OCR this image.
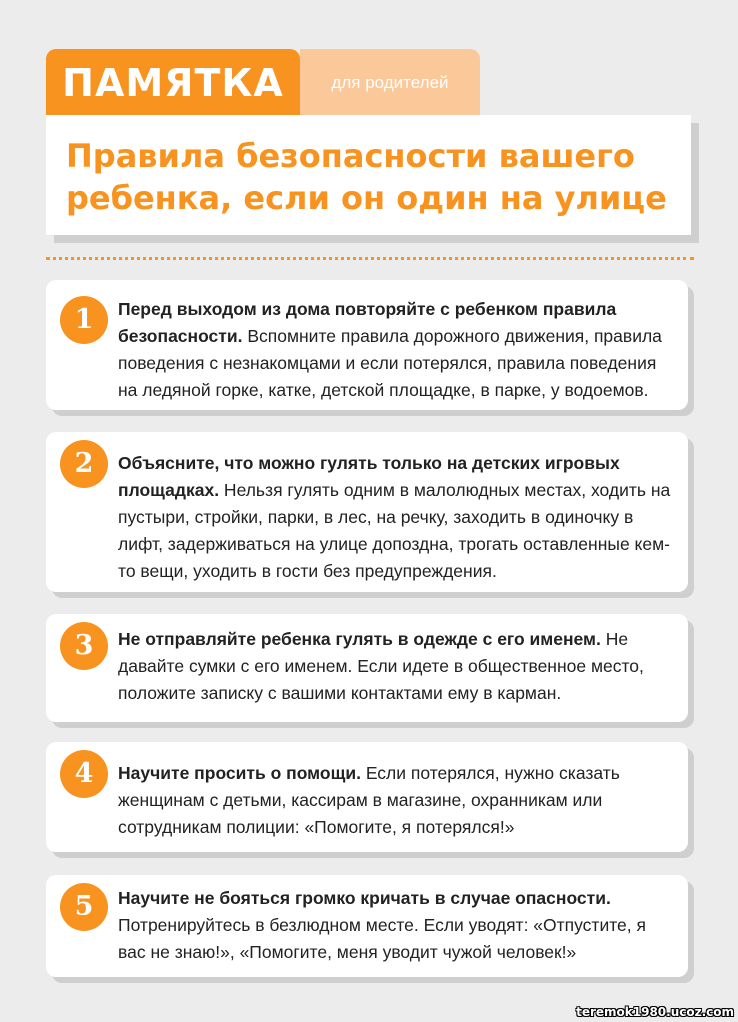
ПАМЯТКА	для родителей
Правила безопасности вашего ребенка, если он один на улице
1	Перед выходом из дома повторяйте с ребенком правила безопасности. Вспомните правила дорожного движения, правила поведения с незнакомцами и если потерялся, правила поведения на ледяной горке, катке, детской площадке, в парке, у водоемов.
2	Объясните, что можно гулять только на детских игровых площадках. Нельзя гулять одним в малолюдных местах, ходить на пустыри, стройки, парки, в лес, на речку, заходить в одиночку в лифт, задерживаться на улице допоздна, трогать оставленные кем-то вещи, уходить в гости без предупреждения.
3	Не отправляйте ребенка гулять в одежде с его именем. Не давайте сумки с его именем. Если идете в общественное место, положите записку с вашими контактами ему в карман.
4	Научите просить о помощи. Если потерялся, нужно сказать женщинам с детьми, кассирам в магазине, охранникам или сотрудникам полиции: «Помогите, я потерялся!»
5	Научите не бояться громко кричать в случае опасности. Потренируйтесь в безлюдном месте. Если уводят: «Отпустите, я вас не знаю!», «Помогите, меня уводит чужой человек!»
teremok1980.ucoz.com
